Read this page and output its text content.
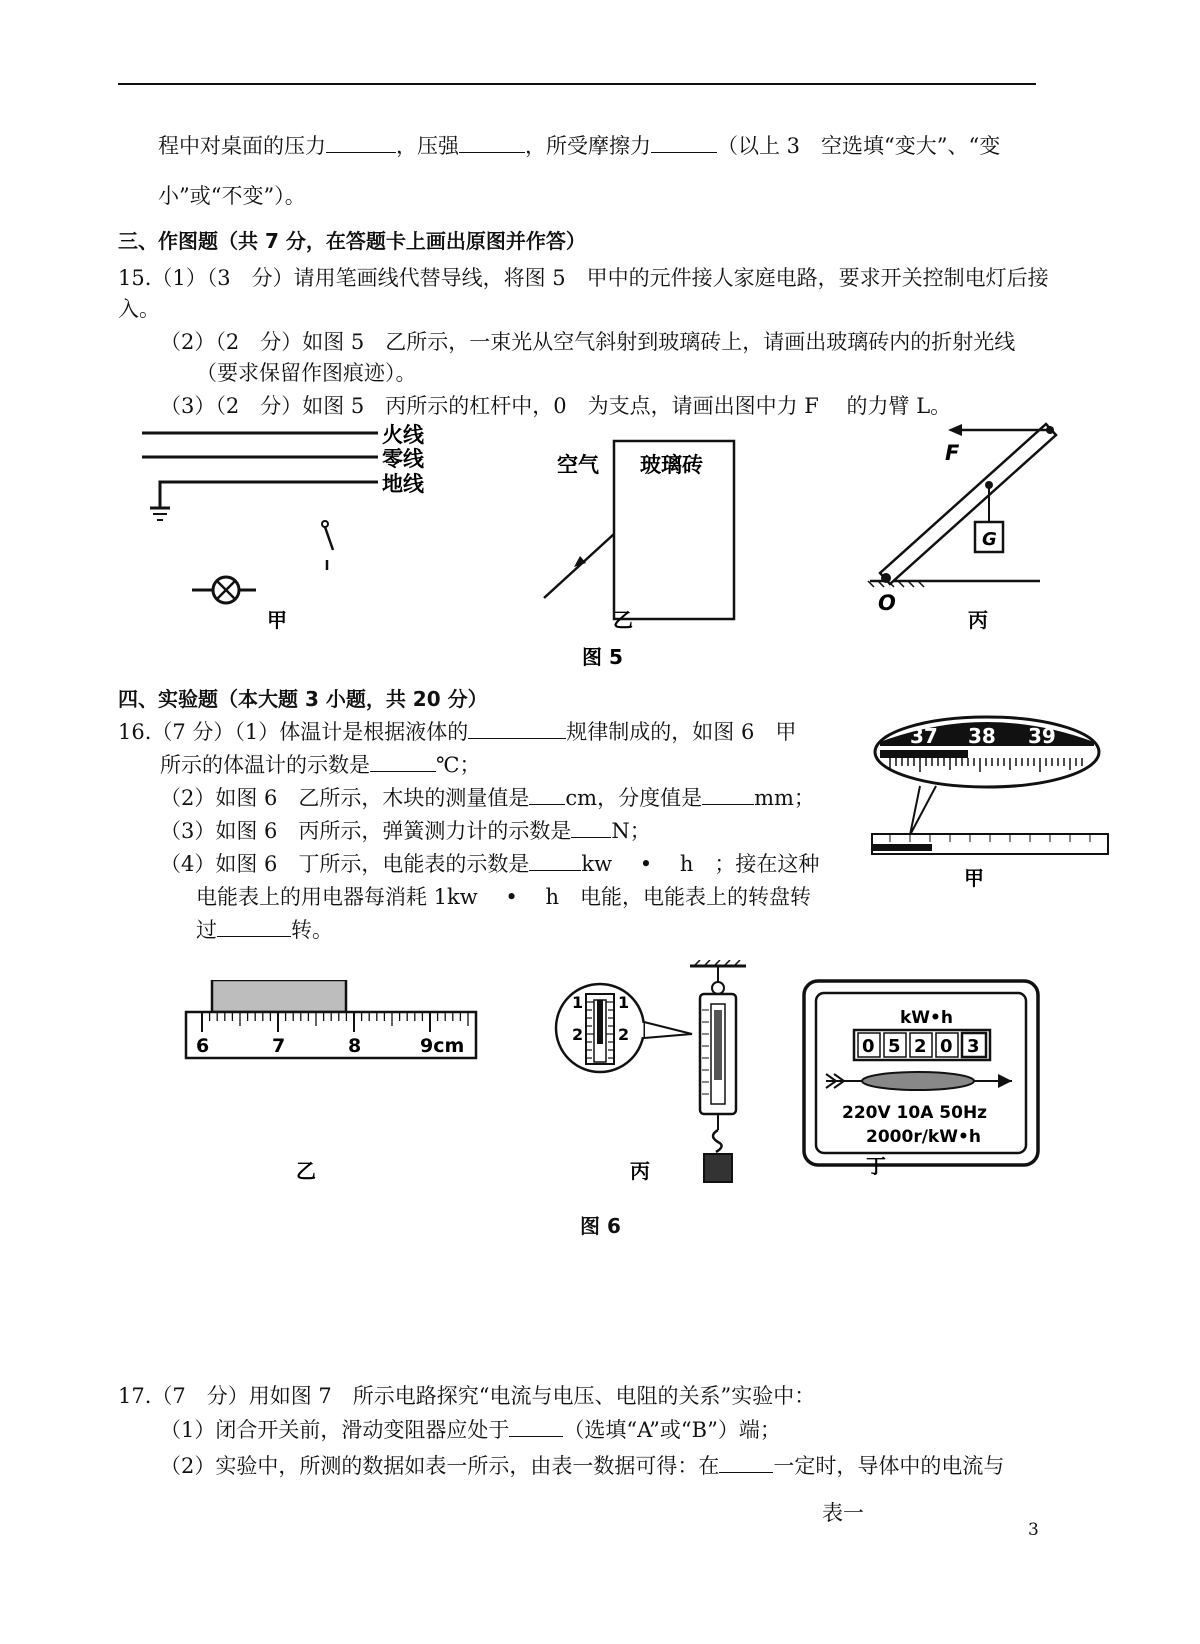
程中对桌面的压力	，压强	，所受摩擦力	（以上 3　空选填“变大”、“变
小”或“不变”）。
三、作图题（共 7 分，在答题卡上画出原图并作答）
15.（1）（3　分）请用笔画线代替导线，将图 5　甲中的元件接人家庭电路，要求开关控制电灯后接
入。
（2）（2　分）如图 5　乙所示，一束光从空气斜射到玻璃砖上，请画出玻璃砖内的折射光线
（要求保留作图痕迹）。
（3）（2　分）如图 5　丙所示的杠杆中，0　为支点，请画出图中力 F　 的力臂 L。
火线
零线
地线
空气 玻璃砖	F
G
O
甲	乙	丙
图 5
四、实验题（本大题 3 小题，共 20 分）
16.（7 分）（1）体温计是根据液体的	规律制成的，如图 6　甲
所示的体温计的示数是	℃；
（2）如图 6　乙所示，木块的测量值是 cm，分度值是 mm；
（3）如图 6　丙所示，弹簧测力计的示数是 N；
（4）如图 6　丁所示，电能表的示数是 kw　 •　 h　；接在这种
电能表上的用电器每消耗 1kw　 •　 h　电能，电能表上的转盘转
过	转。
37 38 39
甲
6	7	8	9cm
乙
1
2
1
2
丙
kW•h
0 5 2 0 3
220V 10A 50Hz
2000r/kW•h
丁
图 6
17.（7　分）用如图 7　所示电路探究“电流与电压、电阻的关系”实验中：
（1）闭合开关前，滑动变阻器应处于	（选填“A”或“B”）端；
（2）实验中，所测的数据如表一所示，由表一数据可得：在	一定时，导体中的电流与
表一
3
